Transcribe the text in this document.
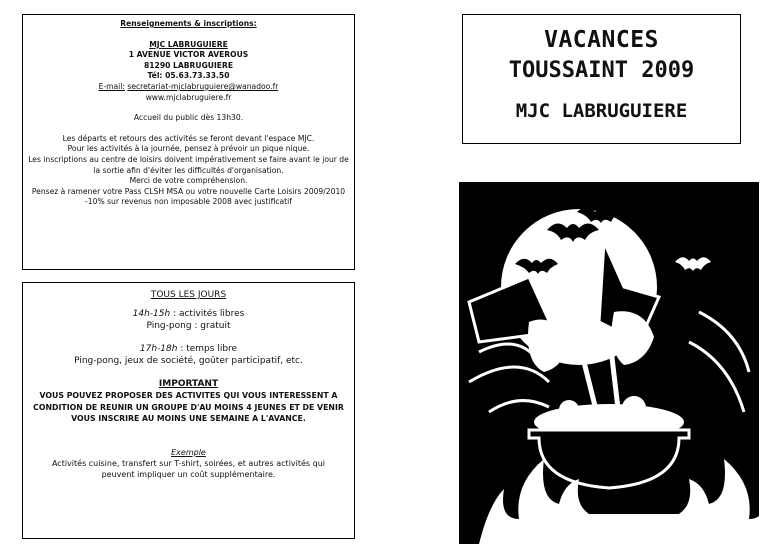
Renseignements & inscriptions:
MJC LABRUGUIERE
1 AVENUE VICTOR AVEROUS
81290 LABRUGUIERE
Tél: 05.63.73.33.50
E-mail: secretariat-mjclabruguiere@wanadoo.fr
www.mjclabruguiere.fr
Accueil du public dès 13h30.
Les départs et retours des activités se feront devant l'espace MJC.
Pour les activités à la journée, pensez à prévoir un pique nique.
Les inscriptions au centre de loisirs doivent impérativement se faire avant le jour de
la sortie afin d'éviter les difficultés d'organisation.
Merci de votre compréhension.
Pensez à ramener votre Pass CLSH MSA ou votre nouvelle Carte Loisirs 2009/2010
-10% sur revenus non imposable 2008 avec justificatif
TOUS LES JOURS
14h-15h : activités libres
Ping-pong : gratuit
17h-18h : temps libre
Ping-pong, jeux de société, goûter participatif, etc.
IMPORTANT
VOUS POUVEZ PROPOSER DES ACTIVITES QUI VOUS INTERESSENT A
CONDITION DE REUNIR UN GROUPE D'AU MOINS 4 JEUNES ET DE VENIR
VOUS INSCRIRE AU MOINS UNE SEMAINE A L'AVANCE.
Exemple
Activités cuisine, transfert sur T-shirt, soirées, et autres activités qui
peuvent impliquer un coût supplémentaire.
VACANCES
TOUSSAINT 2009
MJC LABRUGUIERE
